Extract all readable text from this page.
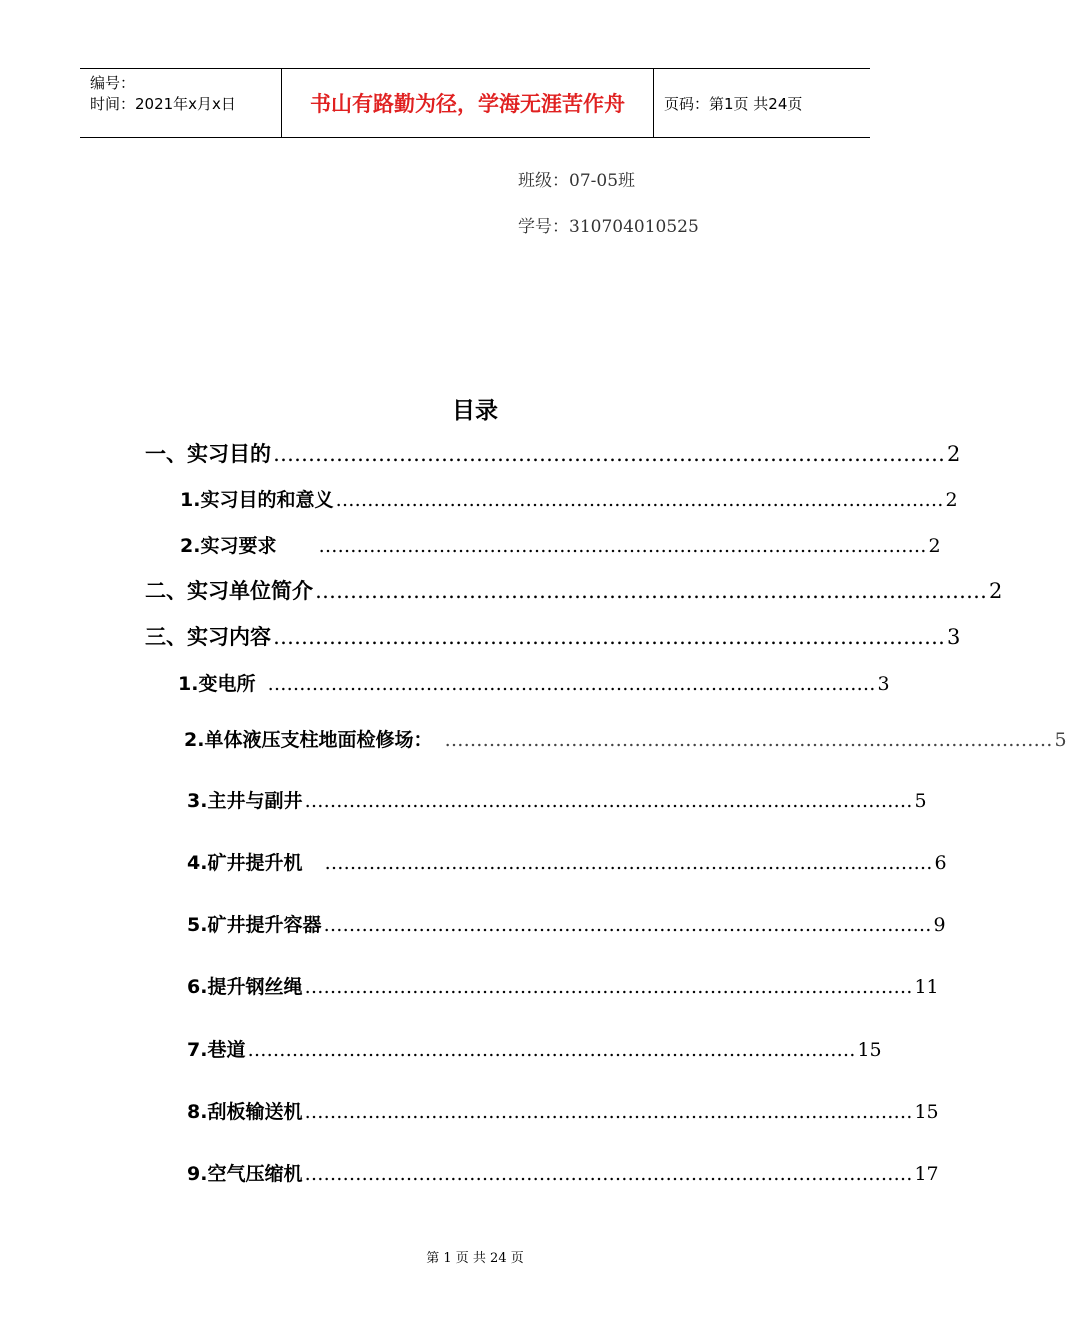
编号：
时间：2021年x月x日	书山有路勤为径，学海无涯苦作舟	页码：第1页 共24页
班级：07-05班
学号：310704010525
目录
一、实习目的 …………………………………………………………………………………… 2
1.实习目的和意义 …………………………………………………………………………………… 2
2.实习要求 …………………………………………………………………………………… 2
二、实习单位简介 …………………………………………………………………………………… 2
三、实习内容 …………………………………………………………………………………… 3
1.变电所 …………………………………………………………………………………… 3
2.单体液压支柱地面检修场： …………………………………………………………………………………… 5
3.主井与副井 …………………………………………………………………………………… 5
4.矿井提升机 …………………………………………………………………………………… 6
5.矿井提升容器 …………………………………………………………………………………… 9
6.提升钢丝绳 …………………………………………………………………………………… 11
7.巷道 …………………………………………………………………………………… 15
8.刮板输送机 …………………………………………………………………………………… 15
9.空气压缩机 …………………………………………………………………………………… 17
第 1 页 共 24 页
